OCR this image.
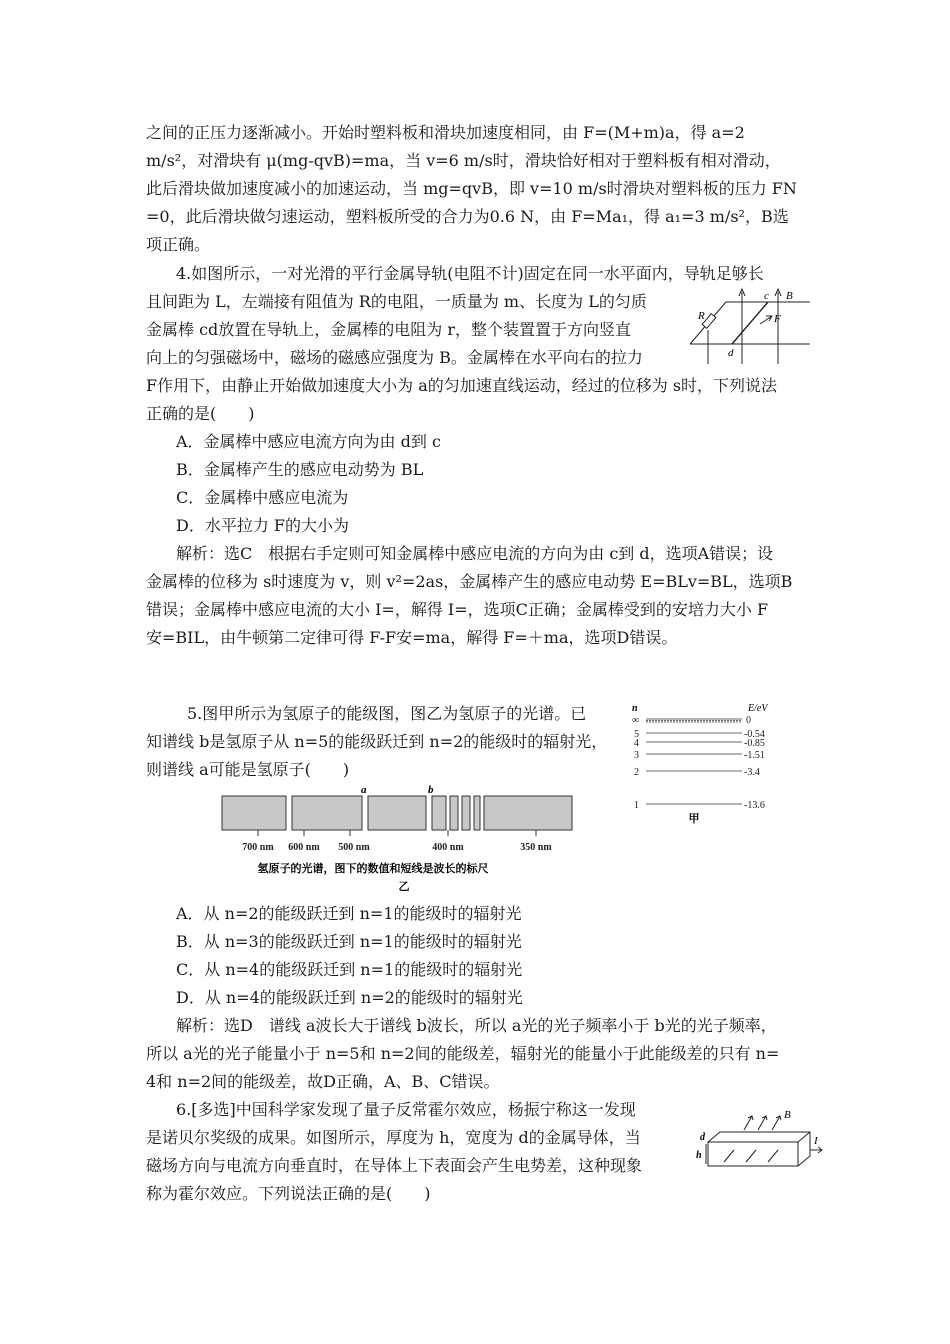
之间的正压力逐渐减小。开始时塑料板和滑块加速度相同，由 F=(M+m)a，得 a=2
m/s²，对滑块有 μ(mg-qvB)=ma，当 v=6 m/s时，滑块恰好相对于塑料板有相对滑动，
此后滑块做加速度减小的加速运动，当 mg=qvB，即 v=10 m/s时滑块对塑料板的压力 FN
=0，此后滑块做匀速运动，塑料板所受的合力为0.6 N，由 F=Ma₁，得 a₁=3 m/s²，B选
项正确。
4.如图所示，一对光滑的平行金属导轨(电阻不计)固定在同一水平面内，导轨足够长
且间距为 L，左端接有阻值为 R的电阻，一质量为 m、长度为 L的匀质
金属棒 cd放置在导轨上，金属棒的电阻为 r，整个装置置于方向竖直
向上的匀强磁场中，磁场的磁感应强度为 B。金属棒在水平向右的拉力
F作用下，由静止开始做加速度大小为 a的匀加速直线运动，经过的位移为 s时，下列说法
正确的是(　　)
A．金属棒中感应电流方向为由 d到 c
B．金属棒产生的感应电动势为 BL
C．金属棒中感应电流为
D．水平拉力 F的大小为
解析：选C　根据右手定则可知金属棒中感应电流的方向为由 c到 d，选项A错误；设
金属棒的位移为 s时速度为 v，则 v²=2as，金属棒产生的感应电动势 E=BLv=BL，选项B
错误；金属棒中感应电流的大小 I=，解得 I=，选项C正确；金属棒受到的安培力大小 F
安=BIL，由牛顿第二定律可得 F-F安=ma，解得 F=＋ma，选项D错误。
R
c B
F
d
5.图甲所示为氢原子的能级图，图乙为氢原子的光谱。已
知谱线 b是氢原子从 n=5的能级跃迁到 n=2的能级时的辐射光，
则谱线 a可能是氢原子(　　)
a	b
700 nm 600 nm 500 nm	400 nm	350 nm
氢原子的光谱，图下的数值和短线是波长的标尺
乙
n	E/eV
∞
5
4
3
2
1
0
-0.54
-0.85
-1.51
-3.4
-13.6
甲
A．从 n=2的能级跃迁到 n=1的能级时的辐射光
B．从 n=3的能级跃迁到 n=1的能级时的辐射光
C．从 n=4的能级跃迁到 n=1的能级时的辐射光
D．从 n=4的能级跃迁到 n=2的能级时的辐射光
解析：选D　谱线 a波长大于谱线 b波长，所以 a光的光子频率小于 b光的光子频率，
所以 a光的光子能量小于 n=5和 n=2间的能级差，辐射光的能量小于此能级差的只有 n=
4和 n=2间的能级差，故D正确，A、B、C错误。
6.[多选]中国科学家发现了量子反常霍尔效应，杨振宁称这一发现
是诺贝尔奖级的成果。如图所示，厚度为 h，宽度为 d的金属导体，当
磁场方向与电流方向垂直时，在导体上下表面会产生电势差，这种现象
称为霍尔效应。下列说法正确的是(　　)
B
I
d
h
